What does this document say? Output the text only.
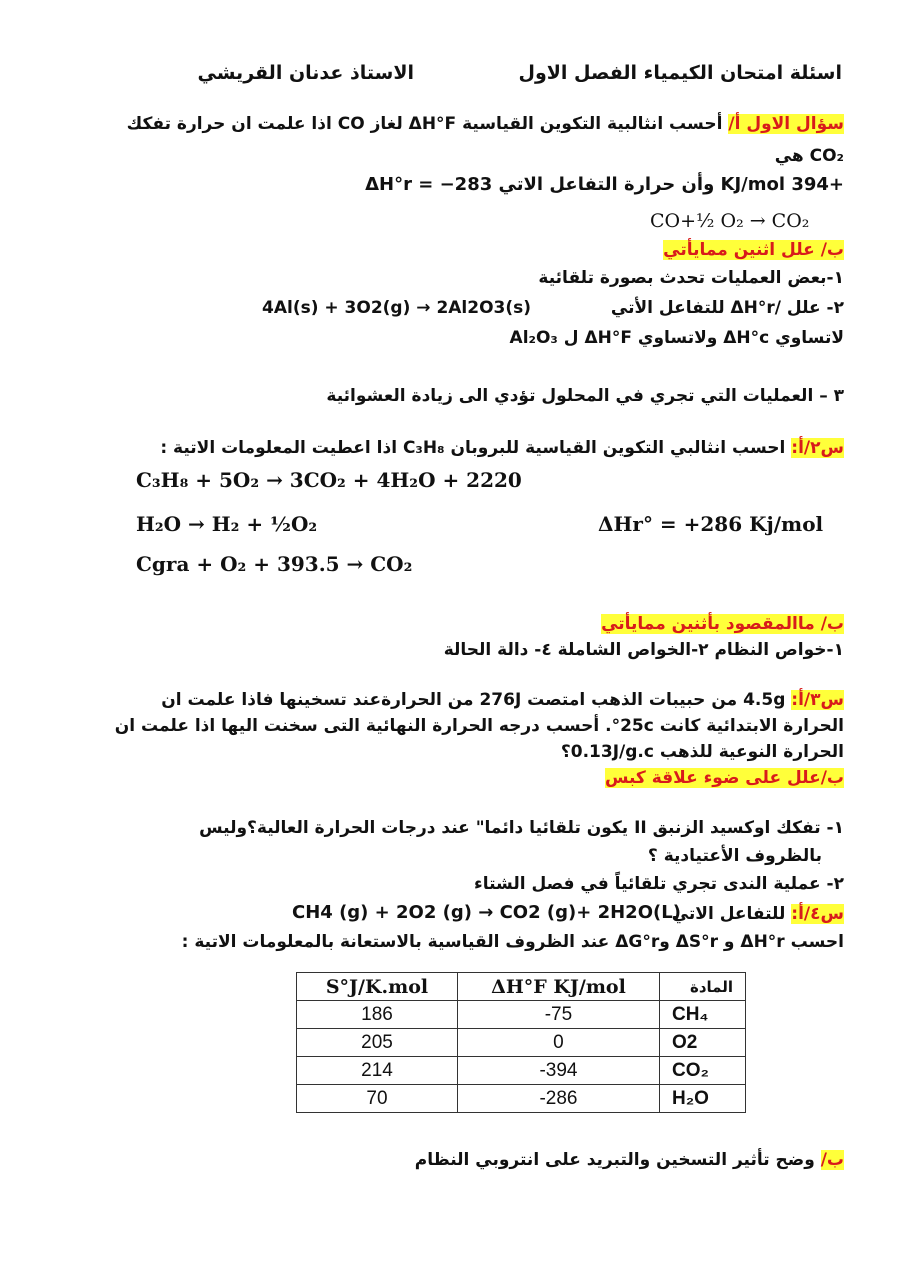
اسئلة امتحان الكيمياء الفصل الاول
الاستاذ عدنان القريشي
سؤال الاول أ/ أحسب انثالبية التكوين القياسية ΔH°F لغاز CO اذا علمت ان حرارة تفكك
CO₂ هي
+394 KJ/mol وأن حرارة التفاعل الاتي ΔH°r = −283
CO+½ O₂ → CO₂
ب/ علل اثنين ممايأتي
١-بعض العمليات تحدث بصورة تلقائية
٢- علل /ΔH°r للتفاعل الأتي
4Al(s) + 3O2(g) → 2Al2O3(s)
لاتساوي ΔH°c ولاتساوي ΔH°F ل Al₂O₃
٣ – العمليات التي تجري في المحلول تؤدي الى زيادة العشوائية
س٢/أ: احسب انثالبي التكوين القياسية للبروبان C₃H₈ اذا اعطيت المعلومات الاتية :
C₃H₈ + 5O₂ → 3CO₂ + 4H₂O + 2220
H₂O → H₂ + ½O₂	ΔHr° = +286 Kj/mol
Cgra + O₂ + 393.5 → CO₂
ب/ ماالمقصود بأثنين ممايأتي
١-خواص النظام ٢-الخواص الشاملة ٤- دالة الحالة
س٣/أ: 4.5g من حبيبات الذهب امتصت 276J من الحرارةعند تسخينها فاذا علمت ان
الحرارة الابتدائية كانت 25c°. أحسب درجه الحرارة النهائية التى سخنت اليها اذا علمت ان
الحرارة النوعية للذهب 0.13J/g.c؟
ب/علل على ضوء علاقة كبس
١- تفكك اوكسيد الزنبق II يكون تلقائيا دائما" عند درجات الحرارة العالية؟وليس
بالظروف الأعتيادية ؟
٢- عملية الندى تجري تلقائياً في فصل الشتاء
س٤/أ: للتفاعل الاتي
CH4 (g) + 2O2 (g) → CO2 (g)+ 2H2O(L)
احسب ΔH°r و ΔS°r وΔG°r عند الظروف القياسية بالاستعانة بالمعلومات الاتية :
S°J/K.mol	ΔH°F KJ/mol	المادة
186	-75	CH₄
205	0	O2
214	-394	CO₂
70	-286	H₂O
ب/ وضح تأثير التسخين والتبريد على انتروبي النظام
